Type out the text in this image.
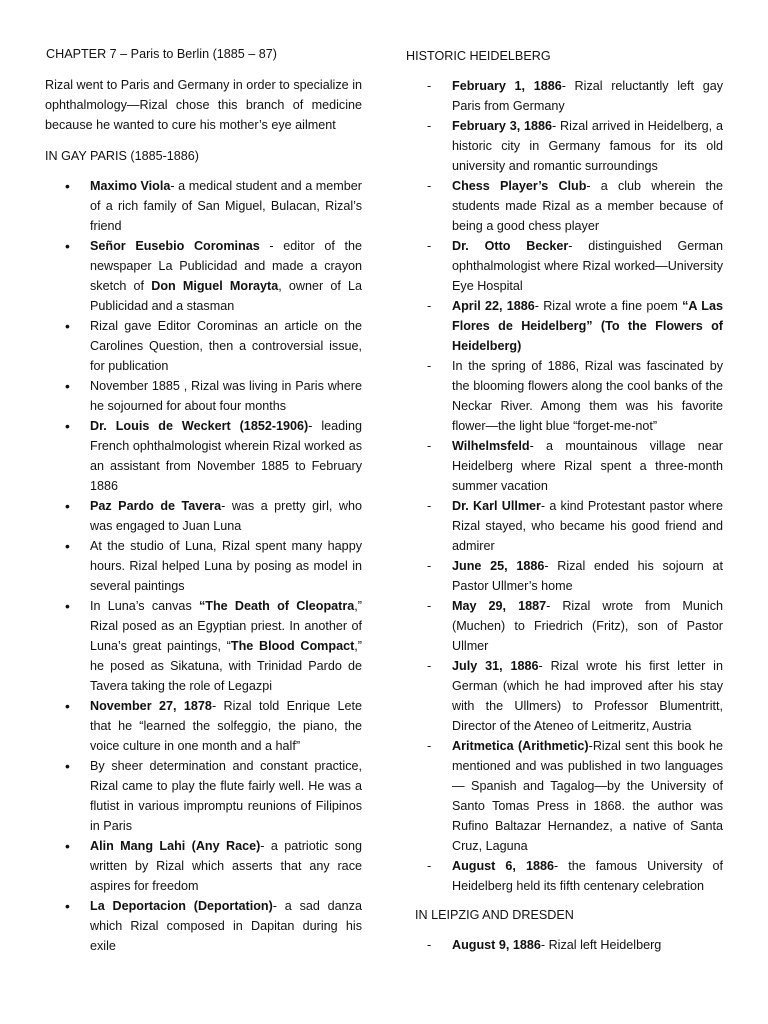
CHAPTER 7 – Paris to Berlin (1885 – 87)
Rizal went to Paris and Germany in order to specialize in ophthalmology—Rizal chose this branch of medicine because he wanted to cure his mother’s eye ailment
IN GAY PARIS (1885-1886)
• Maximo Viola- a medical student and a member of a rich family of San Miguel, Bulacan, Rizal’s friend
• Señor Eusebio Corominas - editor of the newspaper La Publicidad and made a crayon sketch of Don Miguel Morayta, owner of La Publicidad and a stasman
• Rizal gave Editor Corominas an article on the Carolines Question, then a controversial issue, for publication
• November 1885 , Rizal was living in Paris where he sojourned for about four months
• Dr. Louis de Weckert (1852-1906)- leading French ophthalmologist wherein Rizal worked as an assistant from November 1885 to February 1886
• Paz Pardo de Tavera- was a pretty girl, who was engaged to Juan Luna
• At the studio of Luna, Rizal spent many happy hours. Rizal helped Luna by posing as model in several paintings
• In Luna’s canvas “The Death of Cleopatra,” Rizal posed as an Egyptian priest. In another of Luna’s great paintings, “The Blood Compact,” he posed as Sikatuna, with Trinidad Pardo de Tavera taking the role of Legazpi
• November 27, 1878- Rizal told Enrique Lete that he “learned the solfeggio, the piano, the voice culture in one month and a half”
• By sheer determination and constant practice, Rizal came to play the flute fairly well. He was a flutist in various impromptu reunions of Filipinos in Paris
• Alin Mang Lahi (Any Race)- a patriotic song written by Rizal which asserts that any race aspires for freedom
• La Deportacion (Deportation)- a sad danza which Rizal composed in Dapitan during his exile
HISTORIC HEIDELBERG
- February 1, 1886- Rizal reluctantly left gay Paris from Germany
- February 3, 1886- Rizal arrived in Heidelberg, a historic city in Germany famous for its old university and romantic surroundings
- Chess Player’s Club- a club wherein the students made Rizal as a member because of being a good chess player
- Dr. Otto Becker- distinguished German ophthalmologist where Rizal worked—University Eye Hospital
- April 22, 1886- Rizal wrote a fine poem “A Las Flores de Heidelberg” (To the Flowers of Heidelberg)
- In the spring of 1886, Rizal was fascinated by the blooming flowers along the cool banks of the Neckar River. Among them was his favorite flower—the light blue “forget-me-not”
- Wilhelmsfeld- a mountainous village near Heidelberg where Rizal spent a three-month summer vacation
- Dr. Karl Ullmer- a kind Protestant pastor where Rizal stayed, who became his good friend and admirer
- June 25, 1886- Rizal ended his sojourn at Pastor Ullmer’s home
- May 29, 1887- Rizal wrote from Munich (Muchen) to Friedrich (Fritz), son of Pastor Ullmer
- July 31, 1886- Rizal wrote his first letter in German (which he had improved after his stay with the Ullmers) to Professor Blumentritt, Director of the Ateneo of Leitmeritz, Austria
- Aritmetica (Arithmetic)-Rizal sent this book he mentioned and was published in two languages — Spanish and Tagalog—by the University of Santo Tomas Press in 1868. the author was Rufino Baltazar Hernandez, a native of Santa Cruz, Laguna
- August 6, 1886- the famous University of Heidelberg held its fifth centenary celebration
IN LEIPZIG AND DRESDEN
- August 9, 1886- Rizal left Heidelberg
